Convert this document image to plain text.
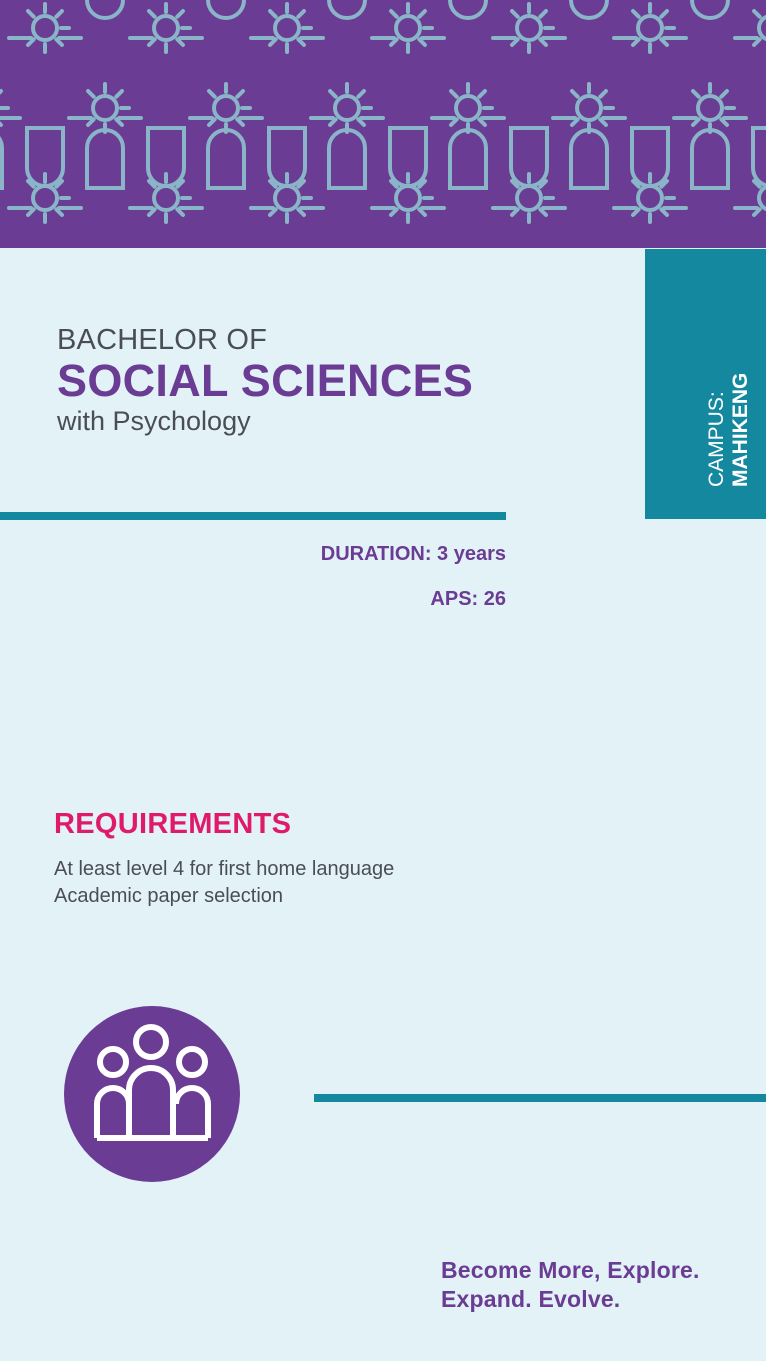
BACHELOR OF
SOCIAL SCIENCES
with Psychology	CAMPUS: MAHIKENG
DURATION: 3 years
APS: 26
REQUIREMENTS
At least level 4 for first home language
Academic paper selection
Become More, Explore.
Expand. Evolve.
